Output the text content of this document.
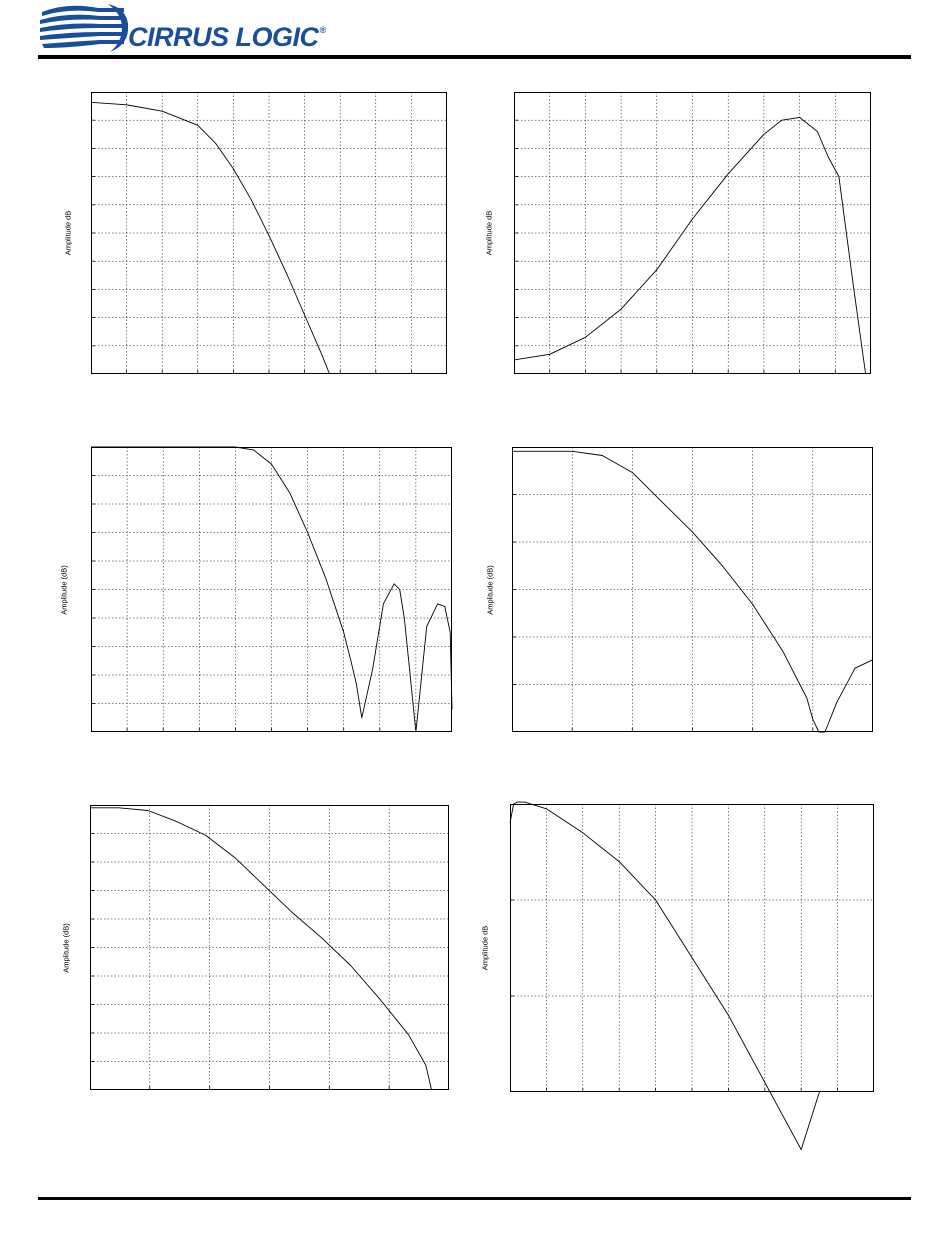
CIRRUS LOGIC®
Amplitude dB	Amplitude dB
Amplitude (dB)	Amplitude (dB)
Amplitude (dB)	Amplitude dB
